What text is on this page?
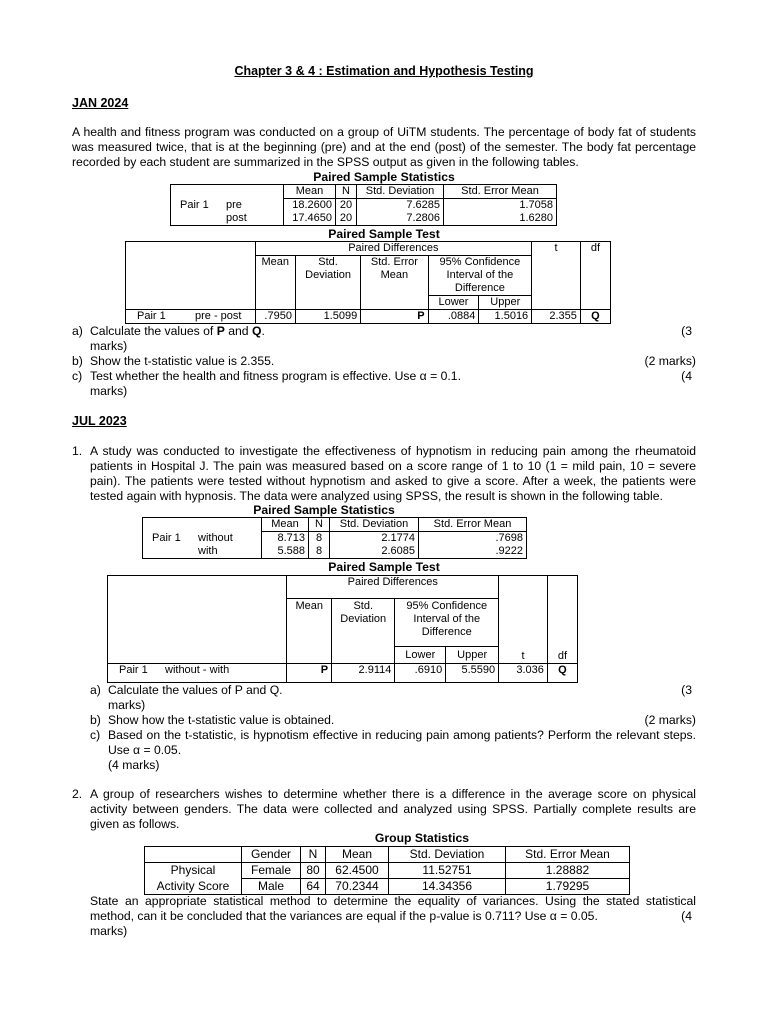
Chapter 3 & 4 : Estimation and Hypothesis Testing
JAN 2024
A health and fitness program was conducted on a group of UiTM students. The percentage of body fat of students was measured twice, that is at the beginning (pre) and at the end (post) of the semester. The body fat percentage recorded by each student are summarized in the SPSS output as given in the following tables.
Paired Sample Statistics
	Mean	N	Std. Deviation	Std. Error Mean
Pair 1 pre	18.2600	20	7.6285	1.7058
post	17.4650	20	7.2806	1.6280
Paired Sample Test
	Paired Differences					t	df
	Mean	Std. Deviation	Std. Error Mean	95% Confidence Interval of the Difference			
				Lower	Upper		
Pair 1 pre - post	.7950	1.5099	P	.0884	1.5016	2.355	Q
a) Calculate the values of P and Q.	(3
marks)
b) Show the t-statistic value is 2.355.	(2 marks)
c) Test whether the health and fitness program is effective. Use α = 0.1.	(4
marks)
JUL 2023
1. A study was conducted to investigate the effectiveness of hypnotism in reducing pain among the rheumatoid patients in Hospital J. The pain was measured based on a score range of 1 to 10 (1 = mild pain, 10 = severe pain). The patients were tested without hypnotism and asked to give a score. After a week, the patients were tested again with hypnosis. The data were analyzed using SPSS, the result is shown in the following table.
Paired Sample Statistics
	Mean	N	Std. Deviation	Std. Error Mean
Pair 1 without	8.713	8	2.1774	.7698
with	5.588	8	2.6085	.9222
Paired Sample Test
	Paired Differences				t	df
	Mean	Std. Deviation	95% Confidence Interval of the Difference			
			Lower	Upper		
Pair 1 without - with	P	2.9114	.6910	5.5590	3.036	Q
a) Calculate the values of P and Q.	(3
marks)
b) Show how the t-statistic value is obtained.	(2 marks)
c) Based on the t-statistic, is hypnotism effective in reducing pain among patients? Perform the relevant steps. Use α = 0.05.
(4 marks)
2. A group of researchers wishes to determine whether there is a difference in the average score on physical activity between genders. The data were collected and analyzed using SPSS. Partially complete results are given as follows.
Group Statistics
	Gender	N	Mean	Std. Deviation	Std. Error Mean
Physical	Female	80	62.4500	11.52751	1.28882
Activity Score	Male	64	70.2344	14.34356	1.79295
State an appropriate statistical method to determine the equality of variances. Using the stated statistical method, can it be concluded that the variances are equal if the p-value is 0.711? Use α = 0.05.	(4
marks)
